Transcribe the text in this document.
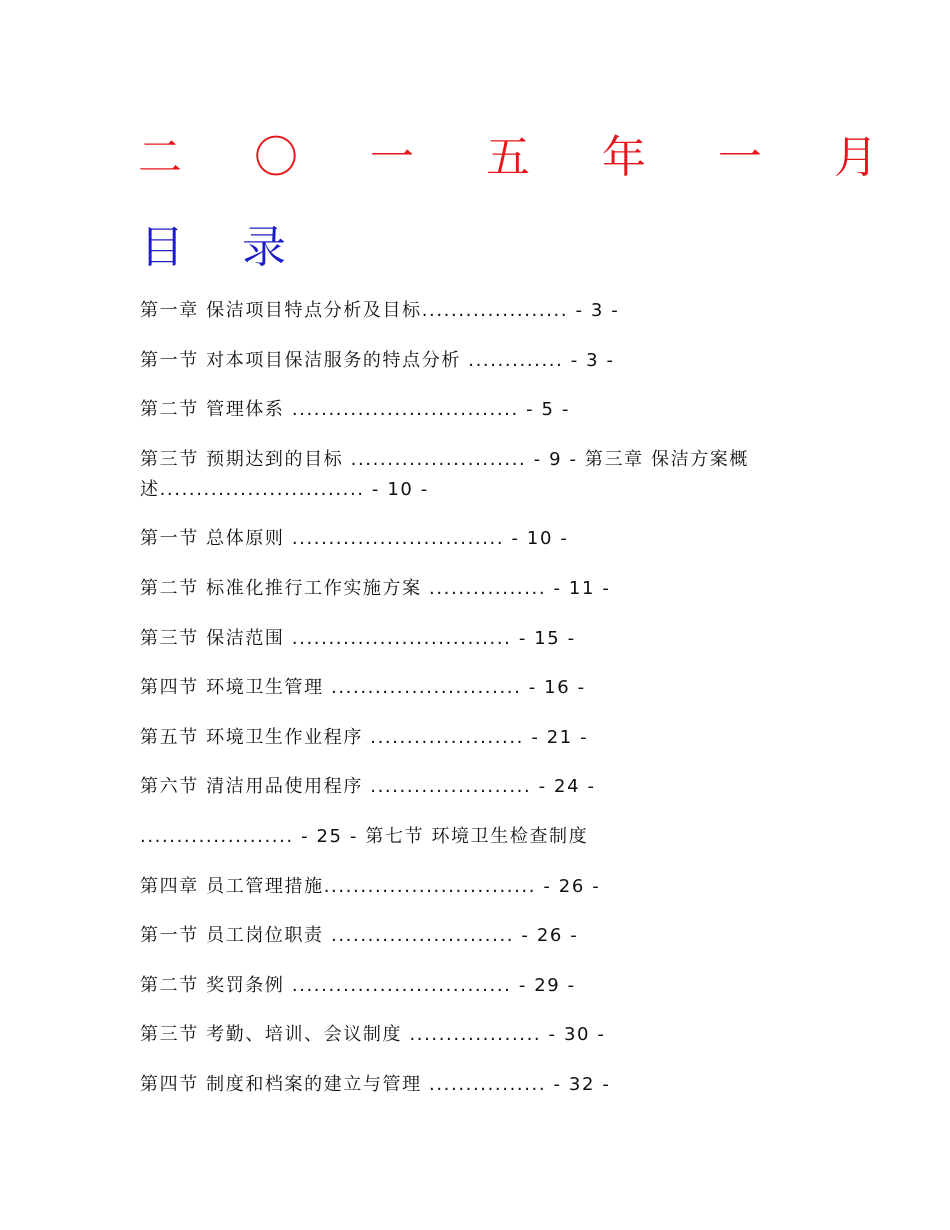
二 〇 一 五 年 一 月
目 录
第一章 保洁项目特点分析及目标.................... - 3 -
第一节 对本项目保洁服务的特点分析 ............. - 3 -
第二节 管理体系 ............................... - 5 -
第三节 预期达到的目标 ........................ - 9 - 第三章 保洁方案概述............................ - 10 -
第一节 总体原则 ............................. - 10 -
第二节 标准化推行工作实施方案 ................ - 11 -
第三节 保洁范围 .............................. - 15 -
第四节 环境卫生管理 .......................... - 16 -
第五节 环境卫生作业程序 ..................... - 21 -
第六节 清洁用品使用程序 ...................... - 24 -
..................... - 25 - 第七节 环境卫生检查制度
第四章 员工管理措施............................. - 26 -
第一节 员工岗位职责 ......................... - 26 -
第二节 奖罚条例 .............................. - 29 -
第三节 考勤、培训、会议制度 .................. - 30 -
第四节 制度和档案的建立与管理 ................ - 32 -
